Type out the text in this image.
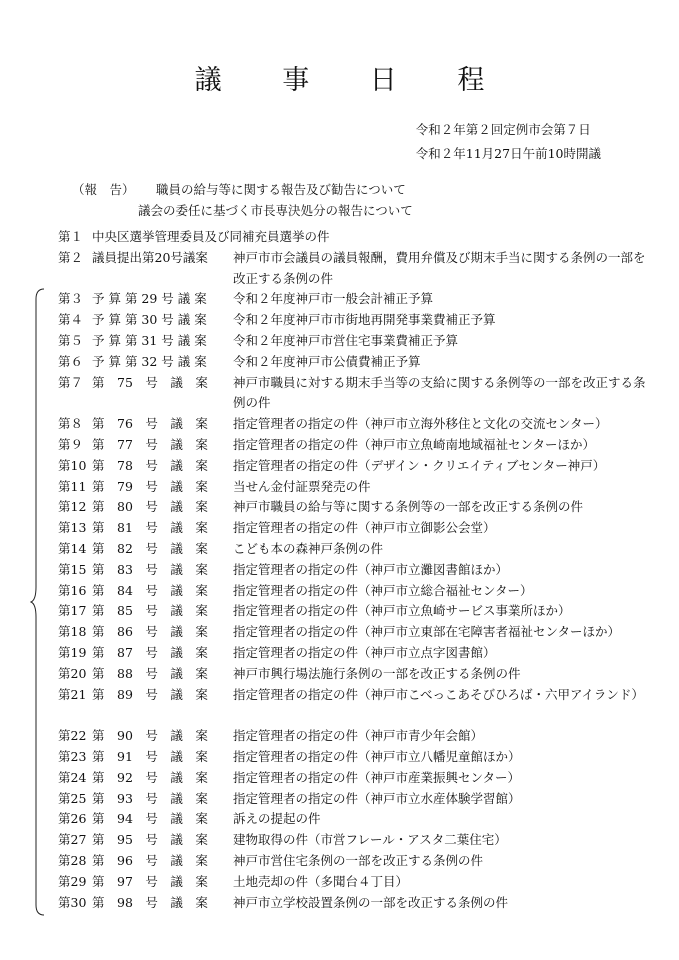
議 事 日 程
令和２年第２回定例市会第７日
令和２年11月27日午前10時開議
（報　告） 職員の給与等に関する報告及び勧告について
議会の委任に基づく市長専決処分の報告について
第１ 中央区選挙管理委員及び同補充員選挙の件
第２ 議員提出第20号議案 神戸市市会議員の議員報酬，費用弁償及び期末手当に関する条例の一部を改正する条例の件
第３ 予 算 第 29 号 議 案 令和２年度神戸市一般会計補正予算
第４ 予 算 第 30 号 議 案 令和２年度神戸市市街地再開発事業費補正予算
第５ 予 算 第 31 号 議 案 令和２年度神戸市営住宅事業費補正予算
第６ 予 算 第 32 号 議 案 令和２年度神戸市公債費補正予算
第７ 第　75　号　議　案 神戸市職員に対する期末手当等の支給に関する条例等の一部を改正する条例の件
第８ 第　76　号　議　案 指定管理者の指定の件（神戸市立海外移住と文化の交流センター）
第９ 第　77　号　議　案 指定管理者の指定の件（神戸市立魚崎南地域福祉センターほか）
第10 第　78　号　議　案 指定管理者の指定の件（デザイン・クリエイティブセンター神戸）
第11 第　79　号　議　案 当せん金付証票発売の件
第12 第　80　号　議　案 神戸市職員の給与等に関する条例等の一部を改正する条例の件
第13 第　81　号　議　案 指定管理者の指定の件（神戸市立御影公会堂）
第14 第　82　号　議　案 こども本の森神戸条例の件
第15 第　83　号　議　案 指定管理者の指定の件（神戸市立灘図書館ほか）
第16 第　84　号　議　案 指定管理者の指定の件（神戸市立総合福祉センター）
第17 第　85　号　議　案 指定管理者の指定の件（神戸市立魚崎サービス事業所ほか）
第18 第　86　号　議　案 指定管理者の指定の件（神戸市立東部在宅障害者福祉センターほか）
第19 第　87　号　議　案 指定管理者の指定の件（神戸市立点字図書館）
第20 第　88　号　議　案 神戸市興行場法施行条例の一部を改正する条例の件
第21 第　89　号　議　案 指定管理者の指定の件（神戸市こべっこあそびひろば・六甲アイランド）
第22 第　90　号　議　案 指定管理者の指定の件（神戸市青少年会館）
第23 第　91　号　議　案 指定管理者の指定の件（神戸市立八幡児童館ほか）
第24 第　92　号　議　案 指定管理者の指定の件（神戸市産業振興センター）
第25 第　93　号　議　案 指定管理者の指定の件（神戸市立水産体験学習館）
第26 第　94　号　議　案 訴えの提起の件
第27 第　95　号　議　案 建物取得の件（市営フレール・アスタ二葉住宅）
第28 第　96　号　議　案 神戸市営住宅条例の一部を改正する条例の件
第29 第　97　号　議　案 土地売却の件（多聞台４丁目）
第30 第　98　号　議　案 神戸市立学校設置条例の一部を改正する条例の件
